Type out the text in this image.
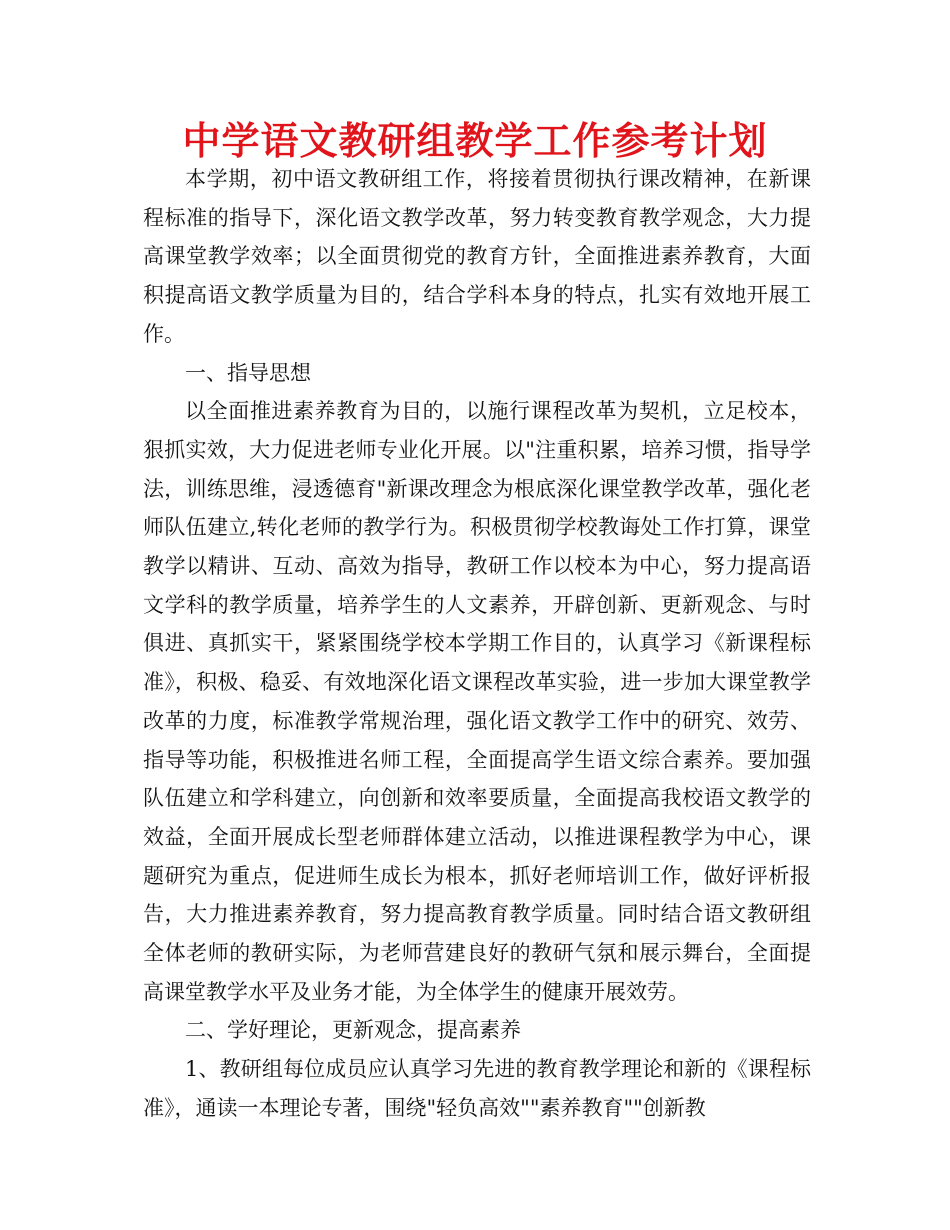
中学语文教研组教学工作参考计划

本学期，初中语文教研组工作，将接着贯彻执行课改精神，在新课程标准的指导下，深化语文教学改革，努力转变教育教学观念，大力提高课堂教学效率；以全面贯彻党的教育方针，全面推进素养教育，大面积提高语文教学质量为目的，结合学科本身的特点，扎实有效地开展工作。

一、指导思想

以全面推进素养教育为目的，以施行课程改革为契机，立足校本，狠抓实效，大力促进老师专业化开展。以"注重积累，培养习惯，指导学法，训练思维，浸透德育"新课改理念为根底深化课堂教学改革，强化老师队伍建立,转化老师的教学行为。积极贯彻学校教诲处工作打算，课堂教学以精讲、互动、高效为指导，教研工作以校本为中心，努力提高语文学科的教学质量，培养学生的人文素养，开辟创新、更新观念、与时俱进、真抓实干，紧紧围绕学校本学期工作目的，认真学习《新课程标准》，积极、稳妥、有效地深化语文课程改革实验，进一步加大课堂教学改革的力度，标准教学常规治理，强化语文教学工作中的研究、效劳、指导等功能，积极推进名师工程，全面提高学生语文综合素养。要加强队伍建立和学科建立，向创新和效率要质量，全面提高我校语文教学的效益，全面开展成长型老师群体建立活动，以推进课程教学为中心，课题研究为重点，促进师生成长为根本，抓好老师培训工作，做好评析报告，大力推进素养教育，努力提高教育教学质量。同时结合语文教研组全体老师的教研实际，为老师营建良好的教研气氛和展示舞台，全面提高课堂教学水平及业务才能，为全体学生的健康开展效劳。

二、学好理论，更新观念，提高素养

1、教研组每位成员应认真学习先进的教育教学理论和新的《课程标准》，通读一本理论专著，围绕"轻负高效""素养教育""创新教
